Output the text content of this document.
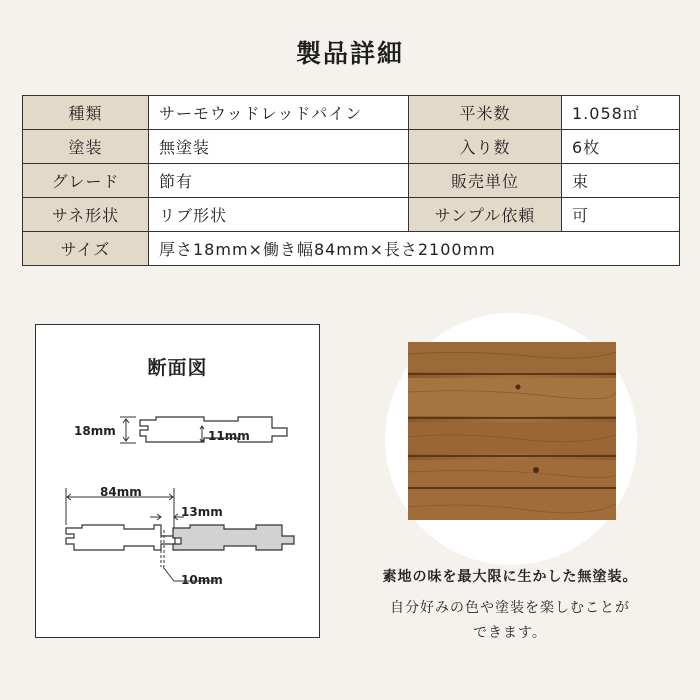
製品詳細
種類	サーモウッドレッドパイン	平米数	1.058㎡
塗装	無塗装	入り数	6枚
グレード	節有	販売単位	束
サネ形状	リブ形状	サンプル依頼	可
サイズ	厚さ18mm×働き幅84mm×長さ2100mm		
断面図
18mm	11mm
84mm
13mm
10mm	素地の味を最大限に生かした無塗装。
自分好みの色や塗装を楽しむことが
できます。
